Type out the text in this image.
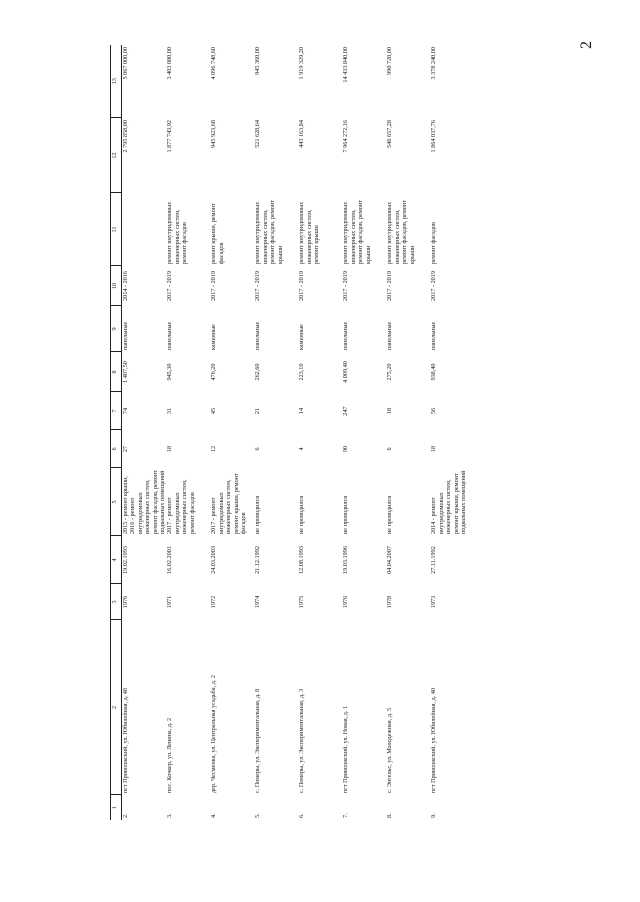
2
1	2	3	4	5	6	7	8	9	10	11	12	13
2.	пгт Приволжский, ул. Юбилейная, д. 48	1976	19.02.1993	2015 - ремонт крыши, 2016 - ремонт внутридомовых инженерных систем, ремонт фасадов, ремонт подвальных помещений	27	74	1 407,50	панельные	2014 - 2016		2 795 858,00	5 067 000,00
3.	пос. Кочкер, ул. Ленина, д. 2	1971	16.02.2001	2017 - ремонт внутридомовых инженерных систем, ремонт фасадов	18	31	945,30	панельные	2017 - 2019	ремонт внутридомовых инженерных систем, ремонт фасадов	1 877 743,92	3 403 080,00
4.	дер. Чесменка, ул. Центральная усадьба, д. 2	1972	24.03.2003	2017 - ремонт внутридомовых инженерных систем, ремонт крыши, ремонт фасадов	12	45	476,20	каменные	2017 - 2019	ремонт крыши, ремонт фасадов	945 923,68	4 096 748,60
5.	с. Померы, ул. Экспериментальная, д. 8	1974	21.12.1992	не проводился	6	21	262,60	панельные	2017 - 2019	ремонт внутридомовых инженерных систем, ремонт фасадов, ремонт крыши	521 628,64	945 360,00
6.	с. Померы, ул. Экспериментальная, д. 3	1975	12.08.1993	не проводился	4	14	223,10	каменные	2017 - 2019	ремонт внутридомовых инженерных систем, ремонт крыши	443 163,84	1 919 329,20
7.	пгт Приволжский, ул. Новая, д. 1	1976	19.03.1996	не проводился	90	247	4 009,40	панельные	2017 - 2019	ремонт внутридомовых инженерных систем, ремонт фасадов, ремонт крыши	7 964 272,16	14 433 840,00
8.	с. Энгельс, ул. Молодежная, д. 5	1978	04.04.2007	не проводился	6	18	275,20	панельные	2017 - 2019	ремонт внутридомовых инженерных систем, ремонт фасадов, ремонт крыши	546 657,28	990 720,00
9.	пгт Приволжский, ул. Юбилейная, д. 40	1973	27.11.1992	2014 - ремонт внутридомовых инженерных систем, ремонт крыши, ремонт подвальных помещений	18	56	938,40	панельные	2017 - 2019	ремонт фасадов	1 864 037,76	3 378 240,00
